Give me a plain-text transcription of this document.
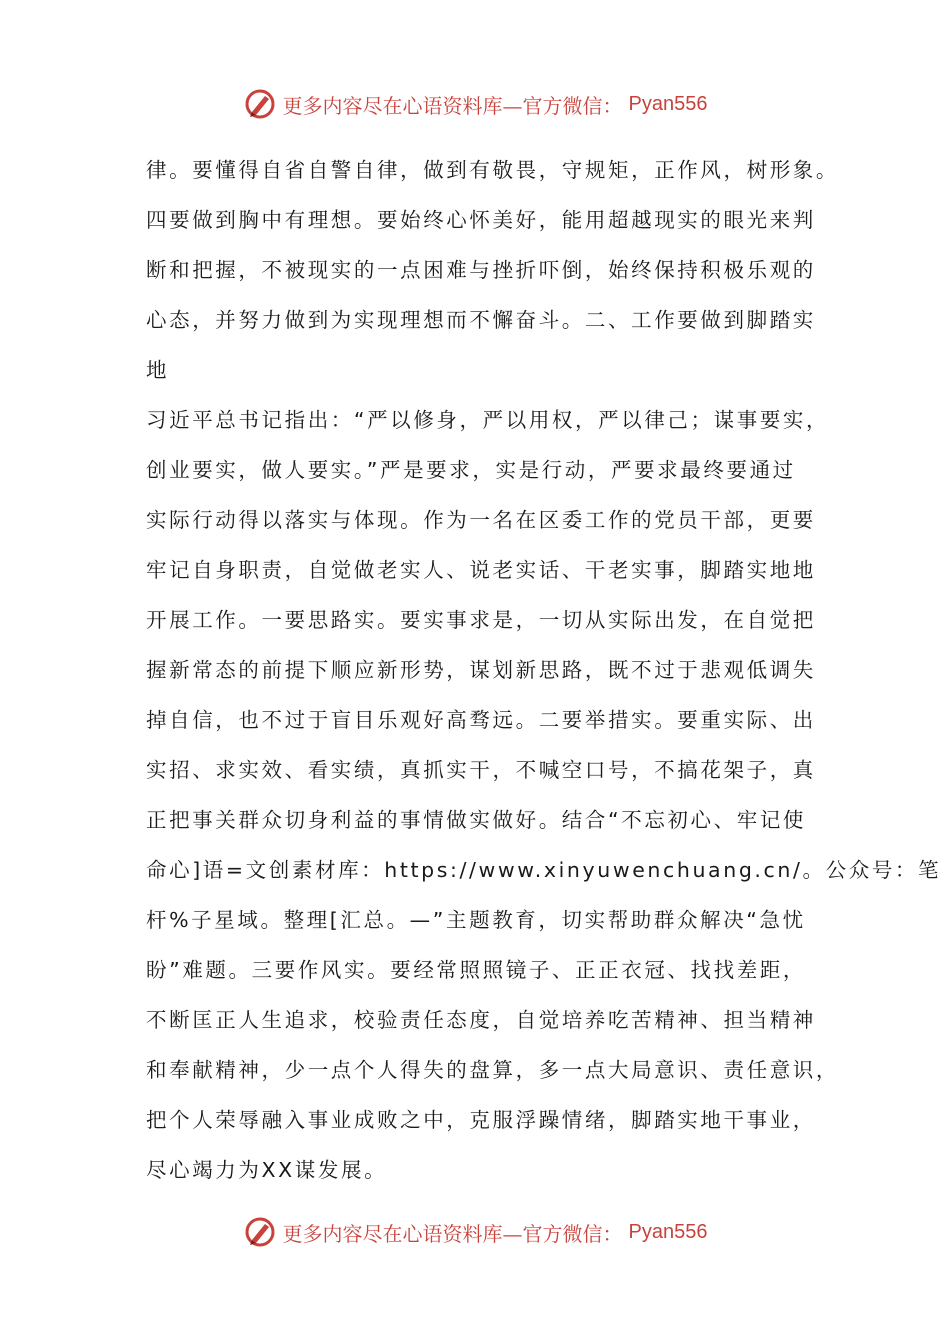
更多内容尽在心语资料库—官方微信： Pyan556
律。要懂得自省自警自律，做到有敬畏，守规矩，正作风，树形象。
四要做到胸中有理想。要始终心怀美好，能用超越现实的眼光来判
断和把握，不被现实的一点困难与挫折吓倒，始终保持积极乐观的
心态，并努力做到为实现理想而不懈奋斗。二、工作要做到脚踏实
地
习近平总书记指出：“严以修身，严以用权，严以律己；谋事要实，
创业要实，做人要实。”严是要求，实是行动，严要求最终要通过
实际行动得以落实与体现。作为一名在区委工作的党员干部，更要
牢记自身职责，自觉做老实人、说老实话、干老实事，脚踏实地地
开展工作。一要思路实。要实事求是，一切从实际出发，在自觉把
握新常态的前提下顺应新形势，谋划新思路，既不过于悲观低调失
掉自信，也不过于盲目乐观好高骛远。二要举措实。要重实际、出
实招、求实效、看实绩，真抓实干，不喊空口号，不搞花架子，真
正把事关群众切身利益的事情做实做好。结合“不忘初心、牢记使
命心]语=文创素材库：https://www.xinyuwenchuang.cn/。公众号：笔
杆%子星域。整理[汇总。—”主题教育，切实帮助群众解决“急忧
盼”难题。三要作风实。要经常照照镜子、正正衣冠、找找差距，
不断匡正人生追求，校验责任态度，自觉培养吃苦精神、担当精神
和奉献精神，少一点个人得失的盘算，多一点大局意识、责任意识，
把个人荣辱融入事业成败之中，克服浮躁情绪，脚踏实地干事业，
尽心竭力为XX谋发展。
更多内容尽在心语资料库—官方微信： Pyan556
